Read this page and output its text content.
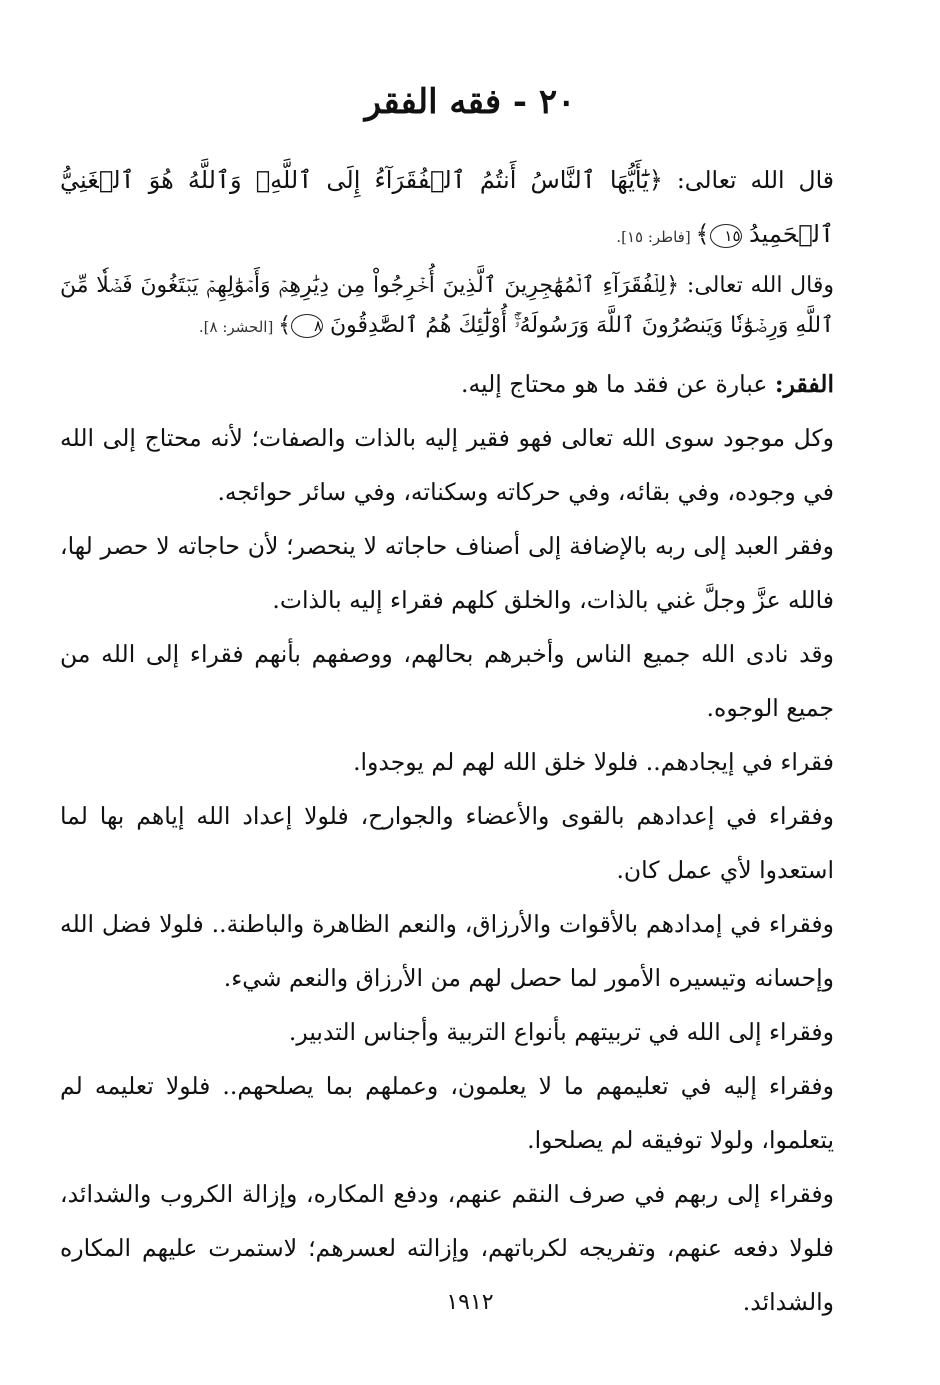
٢٠ - فقه الفقر

قال الله تعالى: ﴿يَٰٓأَيُّهَا ٱلنَّاسُ أَنتُمُ ٱلۡفُقَرَآءُ إِلَى ٱللَّهِۖ وَٱللَّهُ هُوَ ٱلۡغَنِيُّ ٱلۡحَمِيدُ ١٥﴾ [فاطر: ١٥].

وقال الله تعالى: ﴿لِلۡفُقَرَآءِ ٱلۡمُهَٰجِرِينَ ٱلَّذِينَ أُخۡرِجُواْ مِن دِيَٰرِهِمۡ وَأَمۡوَٰلِهِمۡ يَبۡتَغُونَ فَضۡلٗا مِّنَ ٱللَّهِ وَرِضۡوَٰنٗا وَيَنصُرُونَ ٱللَّهَ وَرَسُولَهُۥٓۚ أُوْلَٰٓئِكَ هُمُ ٱلصَّٰدِقُونَ ٨﴾ [الحشر: ٨].

الفقر: عبارة عن فقد ما هو محتاج إليه.

وكل موجود سوى الله تعالى فهو فقير إليه بالذات والصفات؛ لأنه محتاج إلى الله في وجوده، وفي بقائه، وفي حركاته وسكناته، وفي سائر حوائجه.

وفقر العبد إلى ربه بالإضافة إلى أصناف حاجاته لا ينحصر؛ لأن حاجاته لا حصر لها، فالله عزَّ وجلَّ غني بالذات، والخلق كلهم فقراء إليه بالذات.

وقد نادى الله جميع الناس وأخبرهم بحالهم، ووصفهم بأنهم فقراء إلى الله من جميع الوجوه.

فقراء في إيجادهم.. فلولا خلق الله لهم لم يوجدوا.

وفقراء في إعدادهم بالقوى والأعضاء والجوارح، فلولا إعداد الله إياهم بها لما استعدوا لأي عمل كان.

وفقراء في إمدادهم بالأقوات والأرزاق، والنعم الظاهرة والباطنة.. فلولا فضل الله وإحسانه وتيسيره الأمور لما حصل لهم من الأرزاق والنعم شيء.

وفقراء إلى الله في تربيتهم بأنواع التربية وأجناس التدبير.

وفقراء إليه في تعليمهم ما لا يعلمون، وعملهم بما يصلحهم.. فلولا تعليمه لم يتعلموا، ولولا توفيقه لم يصلحوا.

وفقراء إلى ربهم في صرف النقم عنهم، ودفع المكاره، وإزالة الكروب والشدائد، فلولا دفعه عنهم، وتفريجه لكرباتهم، وإزالته لعسرهم؛ لاستمرت عليهم المكاره والشدائد.

١٩١٢
